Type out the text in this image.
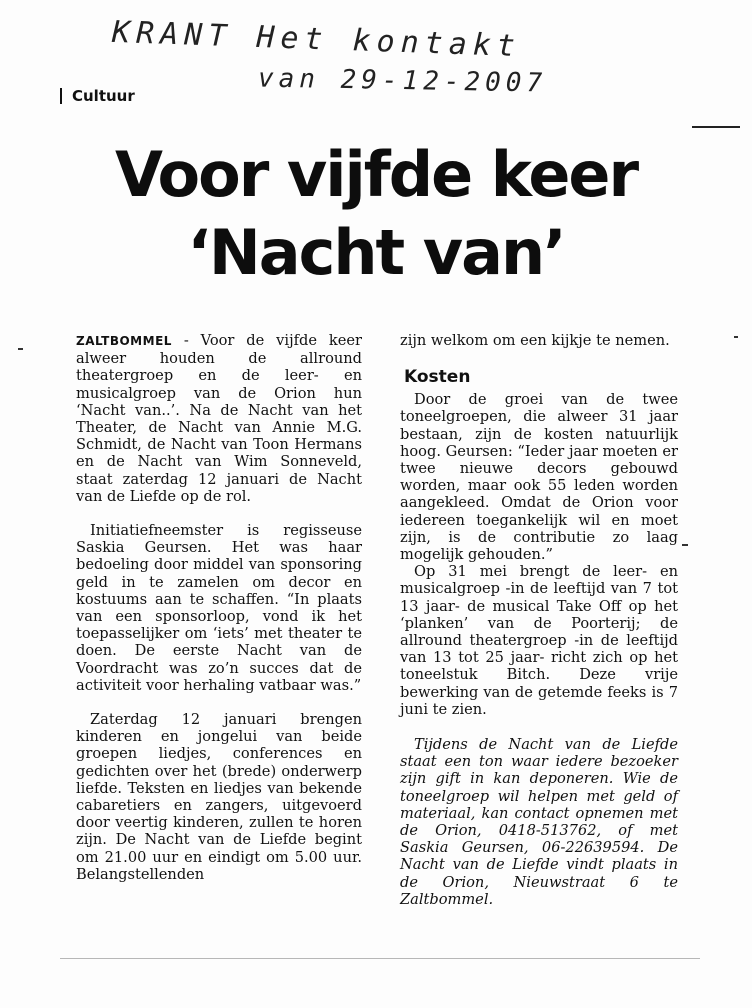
KRANT Het kontakt
van 29-12-2007
Cultuur
Voor vijfde keer
‘Nacht van’

ZALTBOMMEL - Voor de vijfde keer alweer houden de allround theatergroep en de leer- en musicalgroep van de Orion hun ‘Nacht van..’. Na de Nacht van het Theater, de Nacht van Annie M.G. Schmidt, de Nacht van Toon Hermans en de Nacht van Wim Sonneveld, staat zaterdag 12 januari de Nacht van de Liefde op de rol.

Initiatiefneemster is regisseuse Saskia Geursen. Het was haar bedoeling door middel van sponsoring geld in te zamelen om decor en kostuums aan te schaffen. “In plaats van een sponsorloop, vond ik het toepasselijker om ‘iets’ met theater te doen. De eerste Nacht van de Voordracht was zo’n succes dat de activiteit voor herhaling vatbaar was.”

Zaterdag 12 januari brengen kinderen en jongelui van beide groepen liedjes, conferences en gedichten over het (brede) onderwerp liefde. Teksten en liedjes van bekende cabaretiers en zangers, uitgevoerd door veertig kinderen, zullen te horen zijn. De Nacht van de Liefde begint om 21.00 uur en eindigt om 5.00 uur. Belangstellenden

zijn welkom om een kijkje te nemen.

Kosten

Door de groei van de twee toneelgroepen, die alweer 31 jaar bestaan, zijn de kosten natuurlijk hoog. Geursen: “Ieder jaar moeten er twee nieuwe decors gebouwd worden, maar ook 55 leden worden aangekleed. Omdat de Orion voor iedereen toegankelijk wil en moet zijn, is de contributie zo laag mogelijk gehouden.”

Op 31 mei brengt de leer- en musicalgroep -in de leeftijd van 7 tot 13 jaar- de musical Take Off op het ‘planken’ van de Poorterij; de allround theatergroep -in de leeftijd van 13 tot 25 jaar- richt zich op het toneelstuk Bitch. Deze vrije bewerking van de getemde feeks is 7 juni te zien.

Tijdens de Nacht van de Liefde staat een ton waar iedere bezoeker zijn gift in kan deponeren. Wie de toneelgroep wil helpen met geld of materiaal, kan contact opnemen met de Orion, 0418-513762, of met Saskia Geursen, 06-22639594. De Nacht van de Liefde vindt plaats in de Orion, Nieuwstraat 6 te Zaltbommel.
